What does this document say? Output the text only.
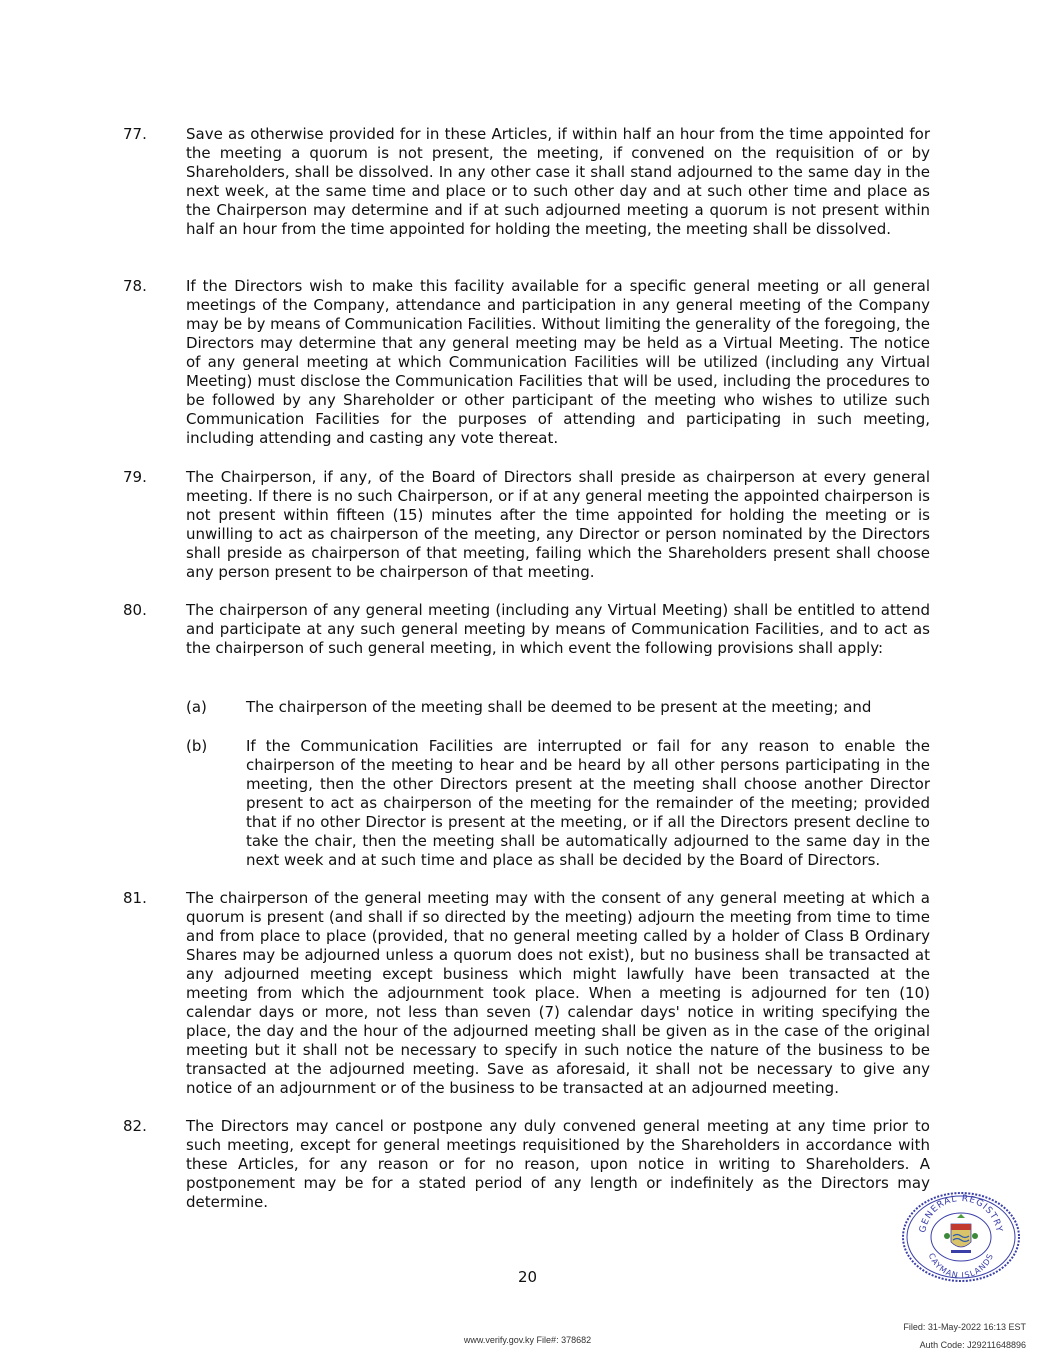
77.	Save as otherwise provided for in these Articles, if within half an hour from the time appointed for the meeting a quorum is not present, the meeting, if convened on the requisition of or by Shareholders, shall be dissolved. In any other case it shall stand adjourned to the same day in the next week, at the same time and place or to such other day and at such other time and place as the Chairperson may determine and if at such adjourned meeting a quorum is not present within half an hour from the time appointed for holding the meeting, the meeting shall be dissolved.
78.	If the Directors wish to make this facility available for a specific general meeting or all general meetings of the Company, attendance and participation in any general meeting of the Company may be by means of Communication Facilities. Without limiting the generality of the foregoing, the Directors may determine that any general meeting may be held as a Virtual Meeting. The notice of any general meeting at which Communication Facilities will be utilized (including any Virtual Meeting) must disclose the Communication Facilities that will be used, including the procedures to be followed by any Shareholder or other participant of the meeting who wishes to utilize such Communication Facilities for the purposes of attending and participating in such meeting, including attending and casting any vote thereat.
79.	The Chairperson, if any, of the Board of Directors shall preside as chairperson at every general meeting. If there is no such Chairperson, or if at any general meeting the appointed chairperson is not present within fifteen (15) minutes after the time appointed for holding the meeting or is unwilling to act as chairperson of the meeting, any Director or person nominated by the Directors shall preside as chairperson of that meeting, failing which the Shareholders present shall choose any person present to be chairperson of that meeting.
80.	The chairperson of any general meeting (including any Virtual Meeting) shall be entitled to attend and participate at any such general meeting by means of Communication Facilities, and to act as the chairperson of such general meeting, in which event the following provisions shall apply:
(a)	The chairperson of the meeting shall be deemed to be present at the meeting; and
(b)	If the Communication Facilities are interrupted or fail for any reason to enable the chairperson of the meeting to hear and be heard by all other persons participating in the meeting, then the other Directors present at the meeting shall choose another Director present to act as chairperson of the meeting for the remainder of the meeting; provided that if no other Director is present at the meeting, or if all the Directors present decline to take the chair, then the meeting shall be automatically adjourned to the same day in the next week and at such time and place as shall be decided by the Board of Directors.
81.	The chairperson of the general meeting may with the consent of any general meeting at which a quorum is present (and shall if so directed by the meeting) adjourn the meeting from time to time and from place to place (provided, that no general meeting called by a holder of Class B Ordinary Shares may be adjourned unless a quorum does not exist), but no business shall be transacted at any adjourned meeting except business which might lawfully have been transacted at the meeting from which the adjournment took place. When a meeting is adjourned for ten (10) calendar days or more, not less than seven (7) calendar days' notice in writing specifying the place, the day and the hour of the adjourned meeting shall be given as in the case of the original meeting but it shall not be necessary to specify in such notice the nature of the business to be transacted at the adjourned meeting. Save as aforesaid, it shall not be necessary to give any notice of an adjournment or of the business to be transacted at an adjourned meeting.
82.	The Directors may cancel or postpone any duly convened general meeting at any time prior to such meeting, except for general meetings requisitioned by the Shareholders in accordance with these Articles, for any reason or for no reason, upon notice in writing to Shareholders. A postponement may be for a stated period of any length or indefinitely as the Directors may determine.
20
GENERAL REGISTRY
CAYMAN ISLANDS
Filed: 31-May-2022 16:13 EST
Auth Code: J29211648896
www.verify.gov.ky File#: 378682
